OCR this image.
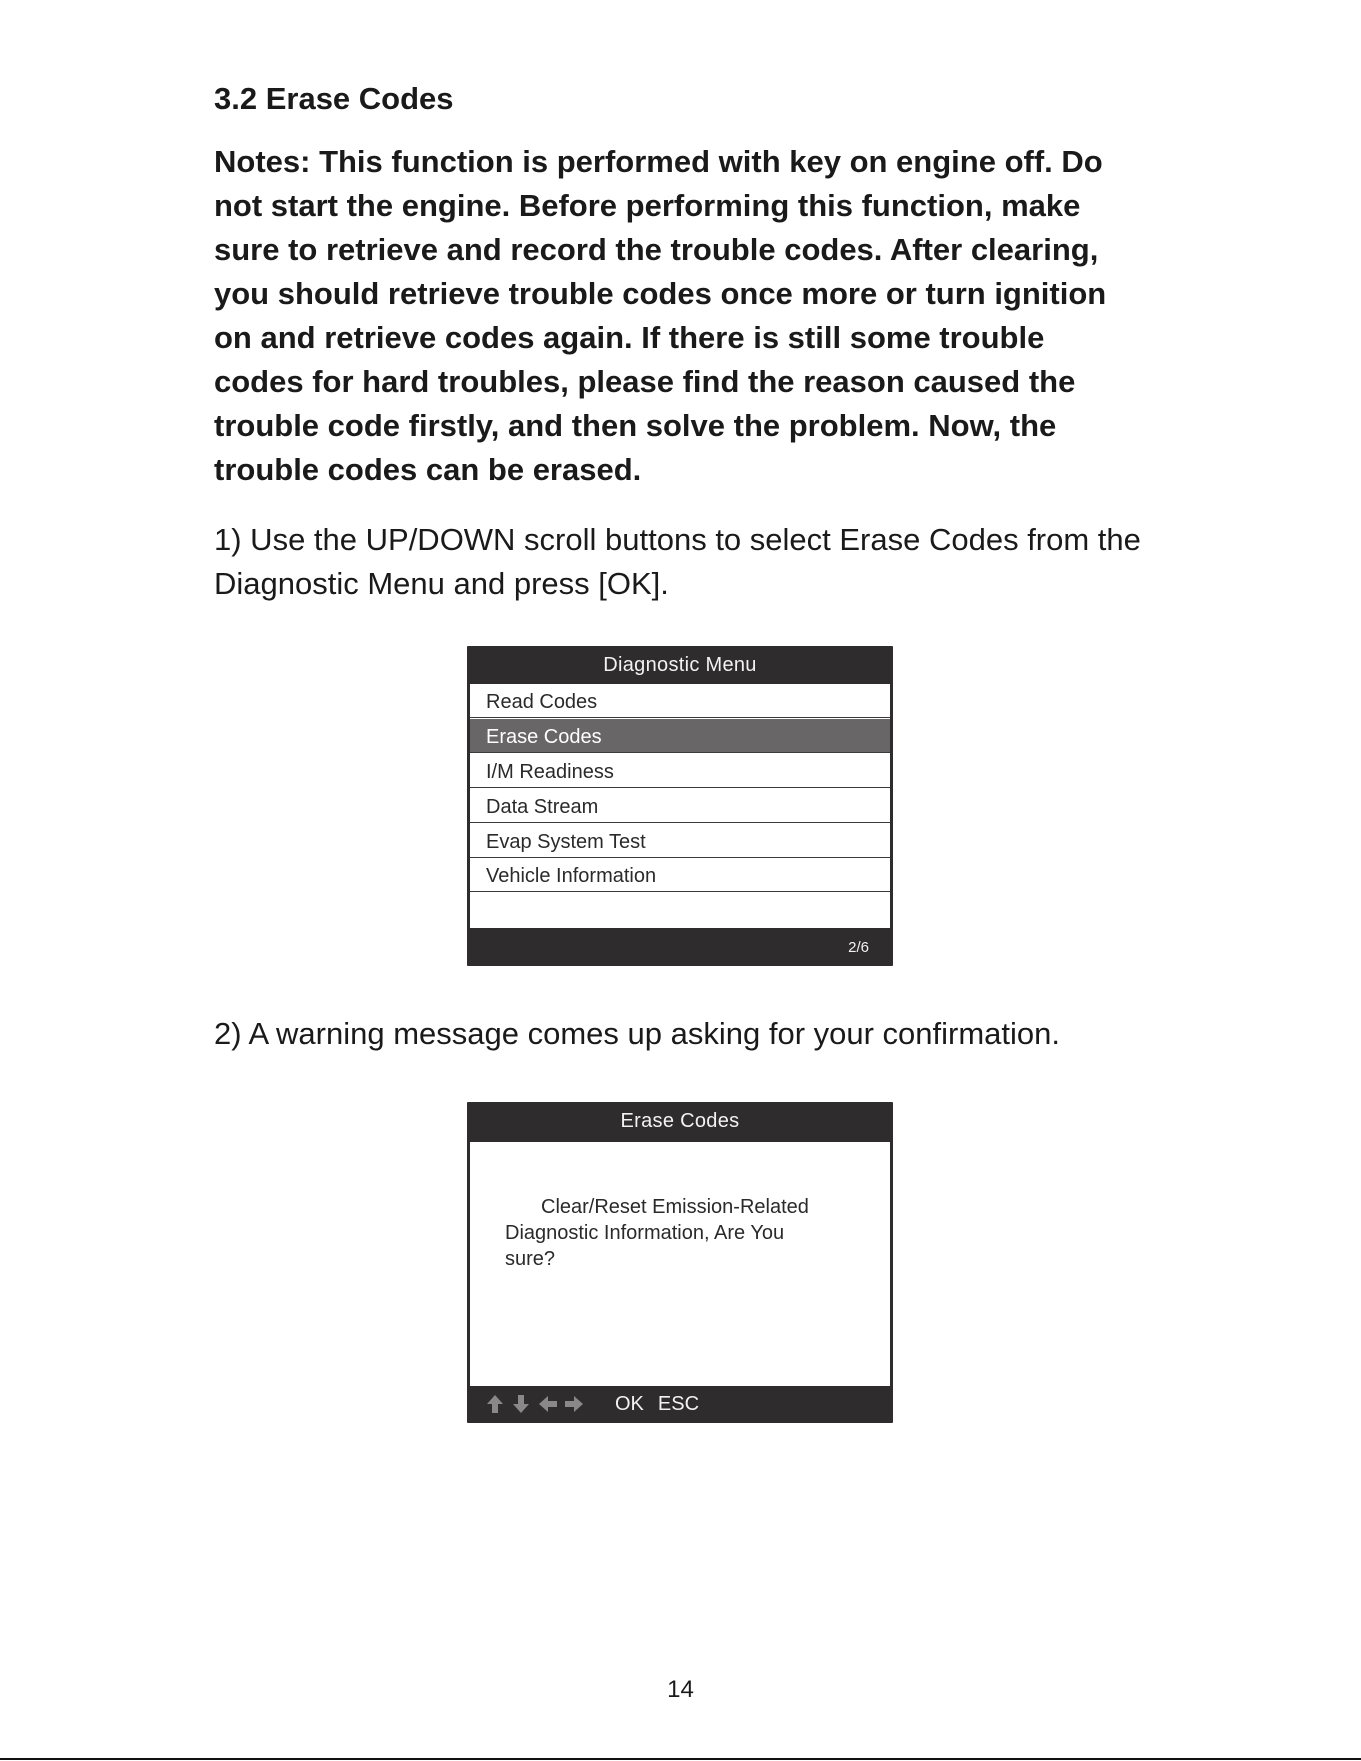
3.2 Erase Codes

Notes: This function is performed with key on engine off. Do not start the engine. Before performing this function, make sure to retrieve and record the trouble codes. After clearing, you should retrieve trouble codes once more or turn ignition on and retrieve codes again. If there is still some trouble codes for hard troubles, please find the reason caused the trouble code firstly, and then solve the problem. Now, the trouble codes can be erased.

1) Use the UP/DOWN scroll buttons to select Erase Codes from the Diagnostic Menu and press [OK].

Diagnostic Menu
Read Codes
Erase Codes
I/M Readiness
Data Stream
Evap System Test
Vehicle Information
2/6

2) A warning message comes up asking for your confirmation.

Erase Codes

Clear/Reset Emission-Related Diagnostic Information, Are You sure?

OK ESC

14
